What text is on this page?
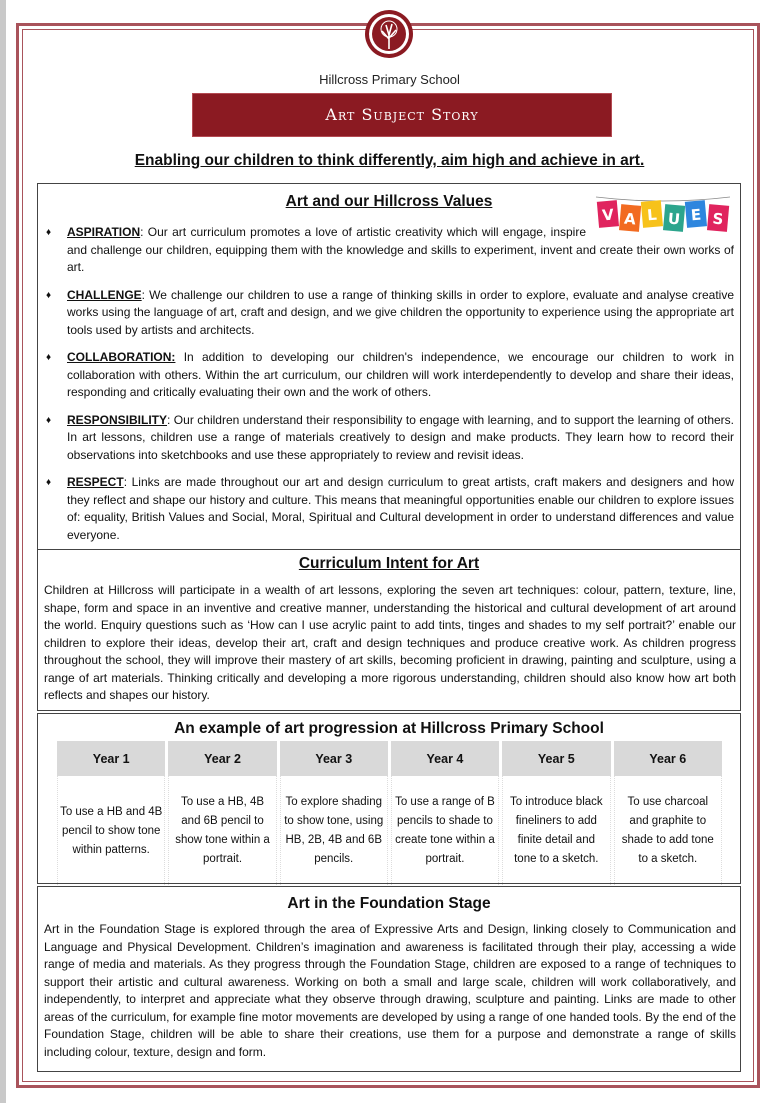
Hillcross Primary School
Art Subject Story
Enabling our children to think differently, aim high and achieve in art.
Art and our Hillcross Values
V A L U E S
♦ ASPIRATION: Our art curriculum promotes a love of artistic creativity which will engage, inspire and challenge our children, equipping them with the knowledge and skills to experiment, invent and create their own works of art.
♦ CHALLENGE: We challenge our children to use a range of thinking skills in order to explore, evaluate and analyse creative works using the language of art, craft and design, and we give children the opportunity to experience using the appropriate art tools used by artists and architects.
♦ COLLABORATION: In addition to developing our children's independence, we encourage our children to work in collaboration with others. Within the art curriculum, our children will work interdependently to develop and share their ideas, responding and critically evaluating their own and the work of others.
♦ RESPONSIBILITY: Our children understand their responsibility to engage with learning, and to support the learning of others. In art lessons, children use a range of materials creatively to design and make products. They learn how to record their observations into sketchbooks and use these appropriately to review and revisit ideas.
♦ RESPECT: Links are made throughout our art and design curriculum to great artists, craft makers and designers and how they reflect and shape our history and culture. This means that meaningful opportunities enable our children to explore issues of: equality, British Values and Social, Moral, Spiritual and Cultural development in order to understand differences and value everyone.
Curriculum Intent for Art

Children at Hillcross will participate in a wealth of art lessons, exploring the seven art techniques: colour, pattern, texture, line, shape, form and space in an inventive and creative manner, understanding the historical and cultural development of art around the world. Enquiry questions such as ‘How can I use acrylic paint to add tints, tinges and shades to my self portrait?’ enable our children to explore their ideas, develop their art, craft and design techniques and produce creative work. As children progress throughout the school, they will improve their mastery of art skills, becoming proficient in drawing, painting and sculpture, using a range of art materials. Thinking critically and developing a more rigorous understanding, children should also know how art both reflects and shapes our history.

An example of art progression at Hillcross Primary School
Year 1	Year 2	Year 3	Year 4	Year 5	Year 6
To use a HB and 4B pencil to show tone within patterns.	To use a HB, 4B and 6B pencil to show tone within a portrait.	To explore shading to show tone, using HB, 2B, 4B and 6B pencils.	To use a range of B pencils to shade to create tone within a portrait.	To introduce black fineliners to add finite detail and tone to a sketch.	To use charcoal and graphite to shade to add tone to a sketch.
Art in the Foundation Stage

Art in the Foundation Stage is explored through the area of Expressive Arts and Design, linking closely to Communication and Language and Physical Development. Children’s imagination and awareness is facilitated through their play, accessing a wide range of media and materials. As they progress through the Foundation Stage, children are exposed to a range of techniques to support their artistic and cultural awareness. Working on both a small and large scale, children will work collaboratively, and independently, to interpret and appreciate what they observe through drawing, sculpture and painting. Links are made to other areas of the curriculum, for example fine motor movements are developed by using a range of one handed tools. By the end of the Foundation Stage, children will be able to share their creations, use them for a purpose and demonstrate a range of skills including colour, texture, design and form.
